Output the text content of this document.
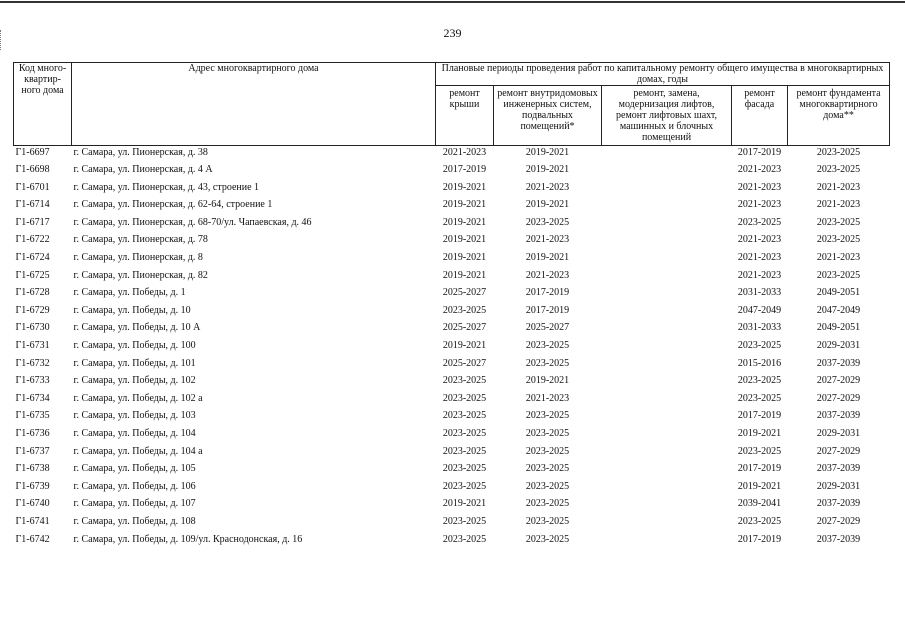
239
Код много-квартир-ного дома	Адрес многоквартирного дома	Плановые периоды проведения работ по капитальному ремонту общего имущества в многоквартирных домах, годы				
		ремонт крыши	ремонт внутридомовых инженерных систем, подвальных помещений*	ремонт, замена, модернизация лифтов, ремонт лифтовых шахт, машинных и блочных помещений	ремонт фасада	ремонт фундамента многоквартирного дома**
Г1-6697	г. Самара, ул. Пионерская, д. 38	2021-2023	2019-2021		2017-2019	2023-2025
Г1-6698	г. Самара, ул. Пионерская, д. 4 А	2017-2019	2019-2021		2021-2023	2023-2025
Г1-6701	г. Самара, ул. Пионерская, д. 43, строение 1	2019-2021	2021-2023		2021-2023	2021-2023
Г1-6714	г. Самара, ул. Пионерская, д. 62-64, строение 1	2019-2021	2019-2021		2021-2023	2021-2023
Г1-6717	г. Самара, ул. Пионерская, д. 68-70/ул. Чапаевская, д. 46	2019-2021	2023-2025		2023-2025	2023-2025
Г1-6722	г. Самара, ул. Пионерская, д. 78	2019-2021	2021-2023		2021-2023	2023-2025
Г1-6724	г. Самара, ул. Пионерская, д. 8	2019-2021	2019-2021		2021-2023	2021-2023
Г1-6725	г. Самара, ул. Пионерская, д. 82	2019-2021	2021-2023		2021-2023	2023-2025
Г1-6728	г. Самара, ул. Победы, д. 1	2025-2027	2017-2019		2031-2033	2049-2051
Г1-6729	г. Самара, ул. Победы, д. 10	2023-2025	2017-2019		2047-2049	2047-2049
Г1-6730	г. Самара, ул. Победы, д. 10 А	2025-2027	2025-2027		2031-2033	2049-2051
Г1-6731	г. Самара, ул. Победы, д. 100	2019-2021	2023-2025		2023-2025	2029-2031
Г1-6732	г. Самара, ул. Победы, д. 101	2025-2027	2023-2025		2015-2016	2037-2039
Г1-6733	г. Самара, ул. Победы, д. 102	2023-2025	2019-2021		2023-2025	2027-2029
Г1-6734	г. Самара, ул. Победы, д. 102 а	2023-2025	2021-2023		2023-2025	2027-2029
Г1-6735	г. Самара, ул. Победы, д. 103	2023-2025	2023-2025		2017-2019	2037-2039
Г1-6736	г. Самара, ул. Победы, д. 104	2023-2025	2023-2025		2019-2021	2029-2031
Г1-6737	г. Самара, ул. Победы, д. 104 а	2023-2025	2023-2025		2023-2025	2027-2029
Г1-6738	г. Самара, ул. Победы, д. 105	2023-2025	2023-2025		2017-2019	2037-2039
Г1-6739	г. Самара, ул. Победы, д. 106	2023-2025	2023-2025		2019-2021	2029-2031
Г1-6740	г. Самара, ул. Победы, д. 107	2019-2021	2023-2025		2039-2041	2037-2039
Г1-6741	г. Самара, ул. Победы, д. 108	2023-2025	2023-2025		2023-2025	2027-2029
Г1-6742	г. Самара, ул. Победы, д. 109/ул. Краснодонская, д. 16	2023-2025	2023-2025		2017-2019	2037-2039
